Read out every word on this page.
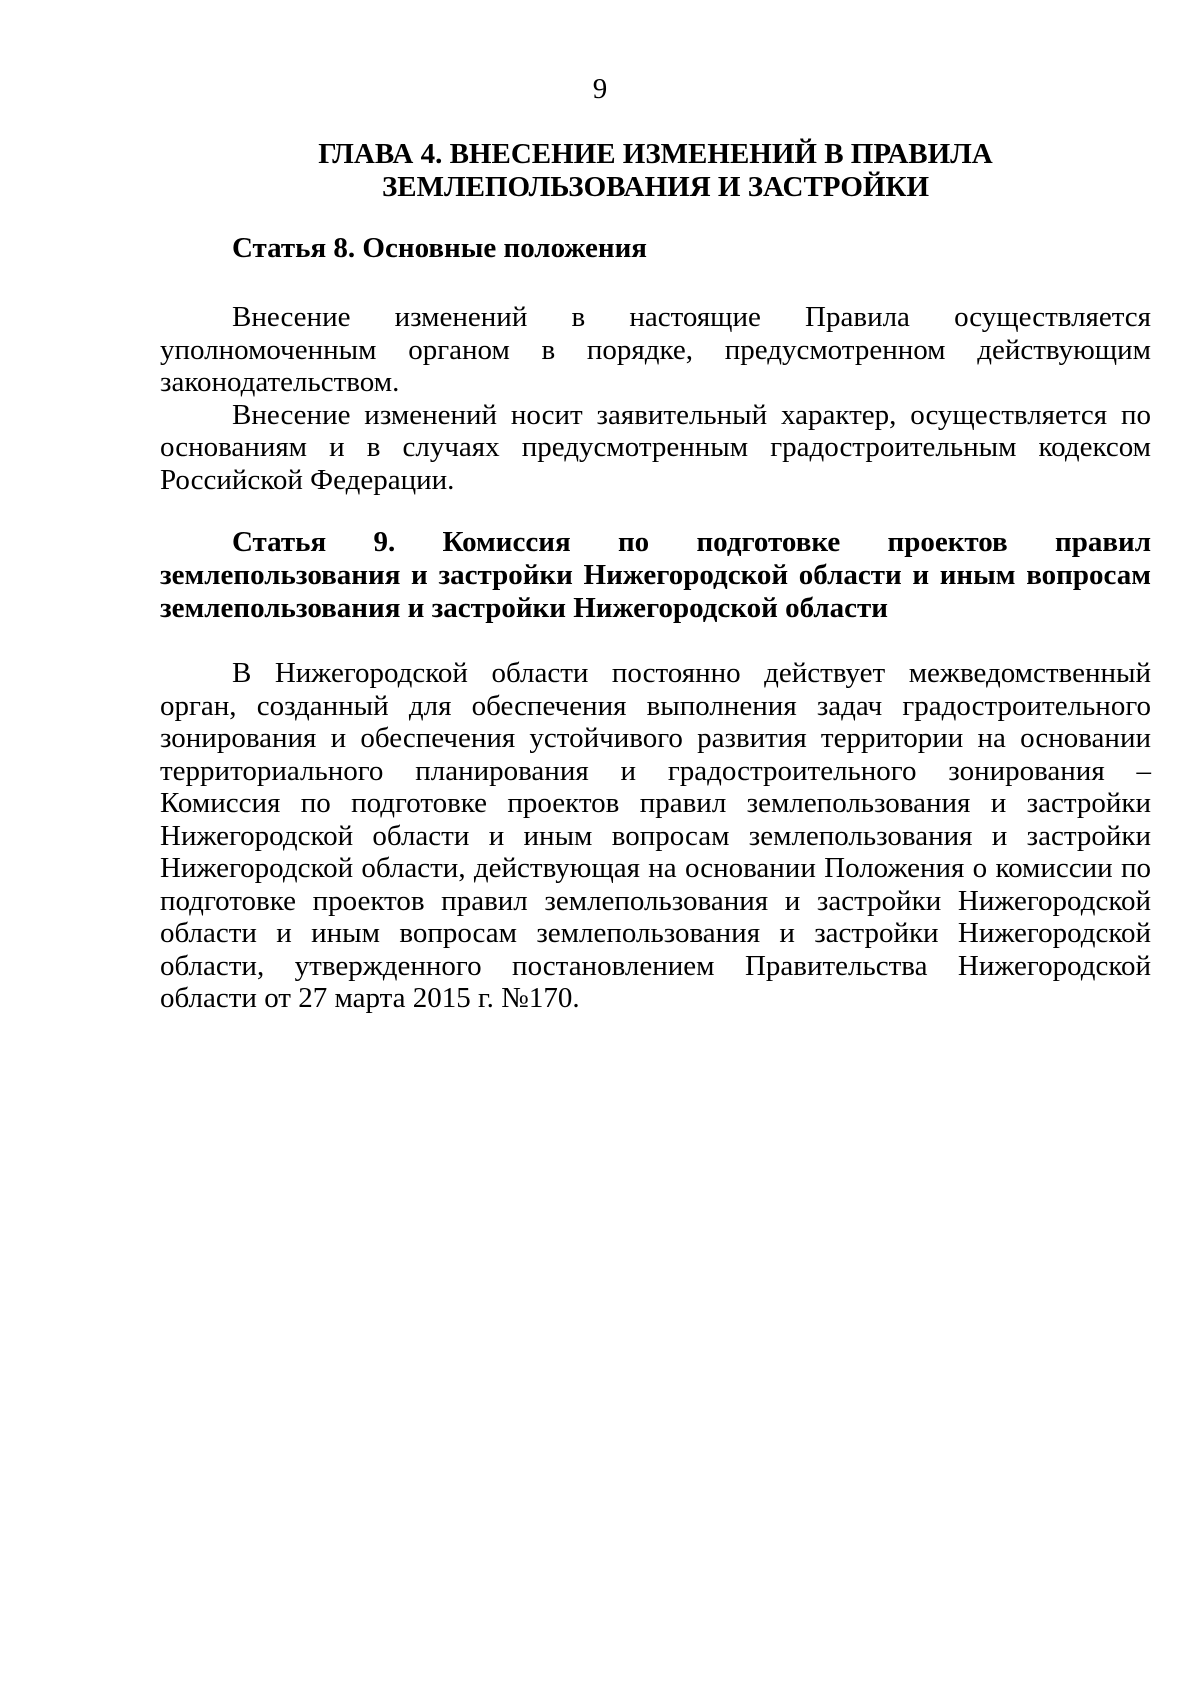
9
ГЛАВА 4. ВНЕСЕНИЕ ИЗМЕНЕНИЙ В ПРАВИЛА
ЗЕМЛЕПОЛЬЗОВАНИЯ И ЗАСТРОЙКИ

Статья 8. Основные положения

Внесение изменений в настоящие Правила осуществляется уполномоченным органом в порядке, предусмотренном действующим законодательством.

Внесение изменений носит заявительный характер, осуществляется по основаниям и в случаях предусмотренным градостроительным кодексом Российской Федерации.

Статья 9. Комиссия по подготовке проектов правил землепользования и застройки Нижегородской области и иным вопросам землепользования и застройки Нижегородской области

В Нижегородской области постоянно действует межведомственный орган, созданный для обеспечения выполнения задач градостроительного зонирования и обеспечения устойчивого развития территории на основании территориального планирования и градостроительного зонирования – Комиссия по подготовке проектов правил землепользования и застройки Нижегородской области и иным вопросам землепользования и застройки Нижегородской области, действующая на основании Положения о комиссии по подготовке проектов правил землепользования и застройки Нижегородской области и иным вопросам землепользования и застройки Нижегородской области, утвержденного постановлением Правительства Нижегородской области от 27 марта 2015 г. №170.
